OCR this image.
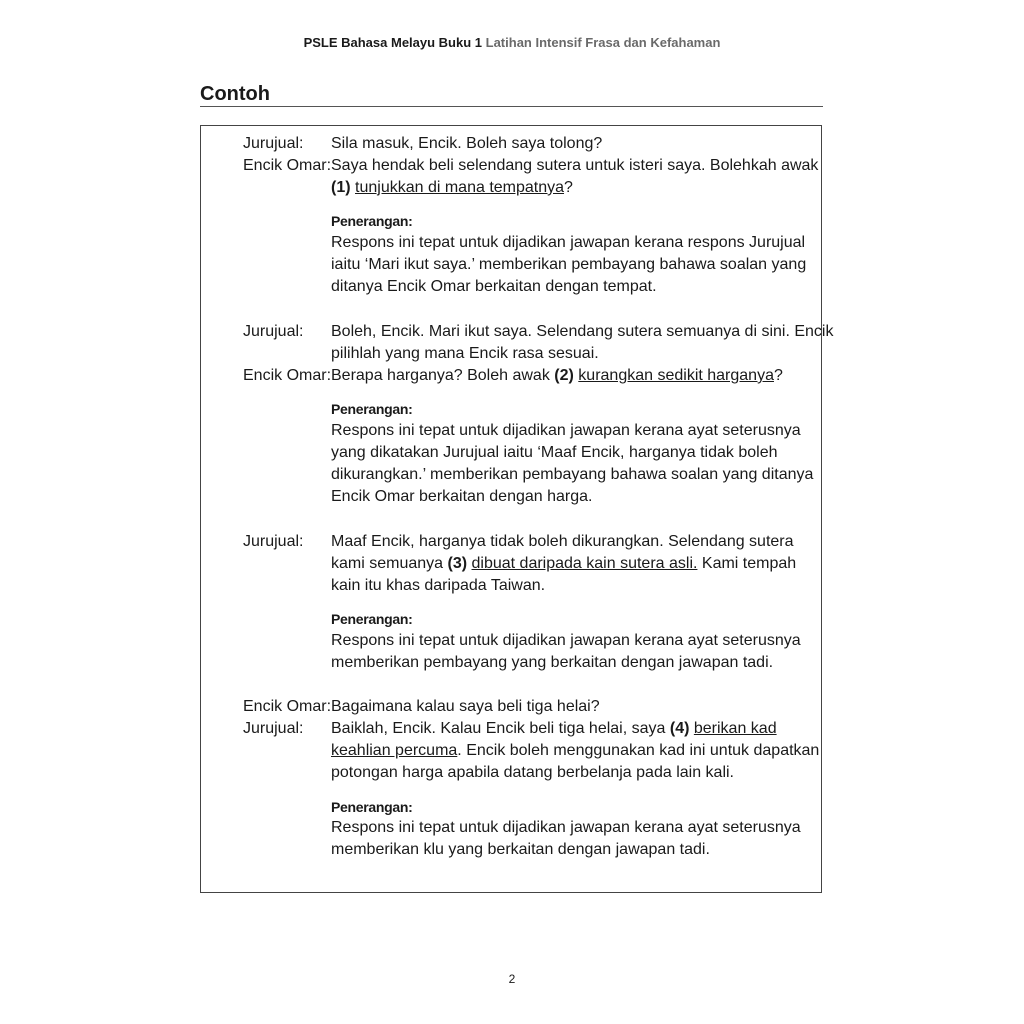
PSLE Bahasa Melayu Buku 1 Latihan Intensif Frasa dan Kefahaman
Contoh
Jurujual: Sila masuk, Encik. Boleh saya tolong?
Encik Omar: Saya hendak beli selendang sutera untuk isteri saya. Bolehkah awak
(1) tunjukkan di mana tempatnya?
Penerangan:
Respons ini tepat untuk dijadikan jawapan kerana respons Jurujual
iaitu ‘Mari ikut saya.’ memberikan pembayang bahawa soalan yang
ditanya Encik Omar berkaitan dengan tempat.
Jurujual: Boleh, Encik. Mari ikut saya. Selendang sutera semuanya di sini. Encik
pilihlah yang mana Encik rasa sesuai.
Encik Omar: Berapa harganya? Boleh awak (2) kurangkan sedikit harganya?
Penerangan:
Respons ini tepat untuk dijadikan jawapan kerana ayat seterusnya
yang dikatakan Jurujual iaitu ‘Maaf Encik, harganya tidak boleh
dikurangkan.’ memberikan pembayang bahawa soalan yang ditanya
Encik Omar berkaitan dengan harga.
Jurujual: Maaf Encik, harganya tidak boleh dikurangkan. Selendang sutera
kami semuanya (3) dibuat daripada kain sutera asli. Kami tempah
kain itu khas daripada Taiwan.
Penerangan:
Respons ini tepat untuk dijadikan jawapan kerana ayat seterusnya
memberikan pembayang yang berkaitan dengan jawapan tadi.
Encik Omar: Bagaimana kalau saya beli tiga helai?
Jurujual: Baiklah, Encik. Kalau Encik beli tiga helai, saya (4) berikan kad
keahlian percuma. Encik boleh menggunakan kad ini untuk dapatkan
potongan harga apabila datang berbelanja pada lain kali.
Penerangan:
Respons ini tepat untuk dijadikan jawapan kerana ayat seterusnya
memberikan klu yang berkaitan dengan jawapan tadi.
2
